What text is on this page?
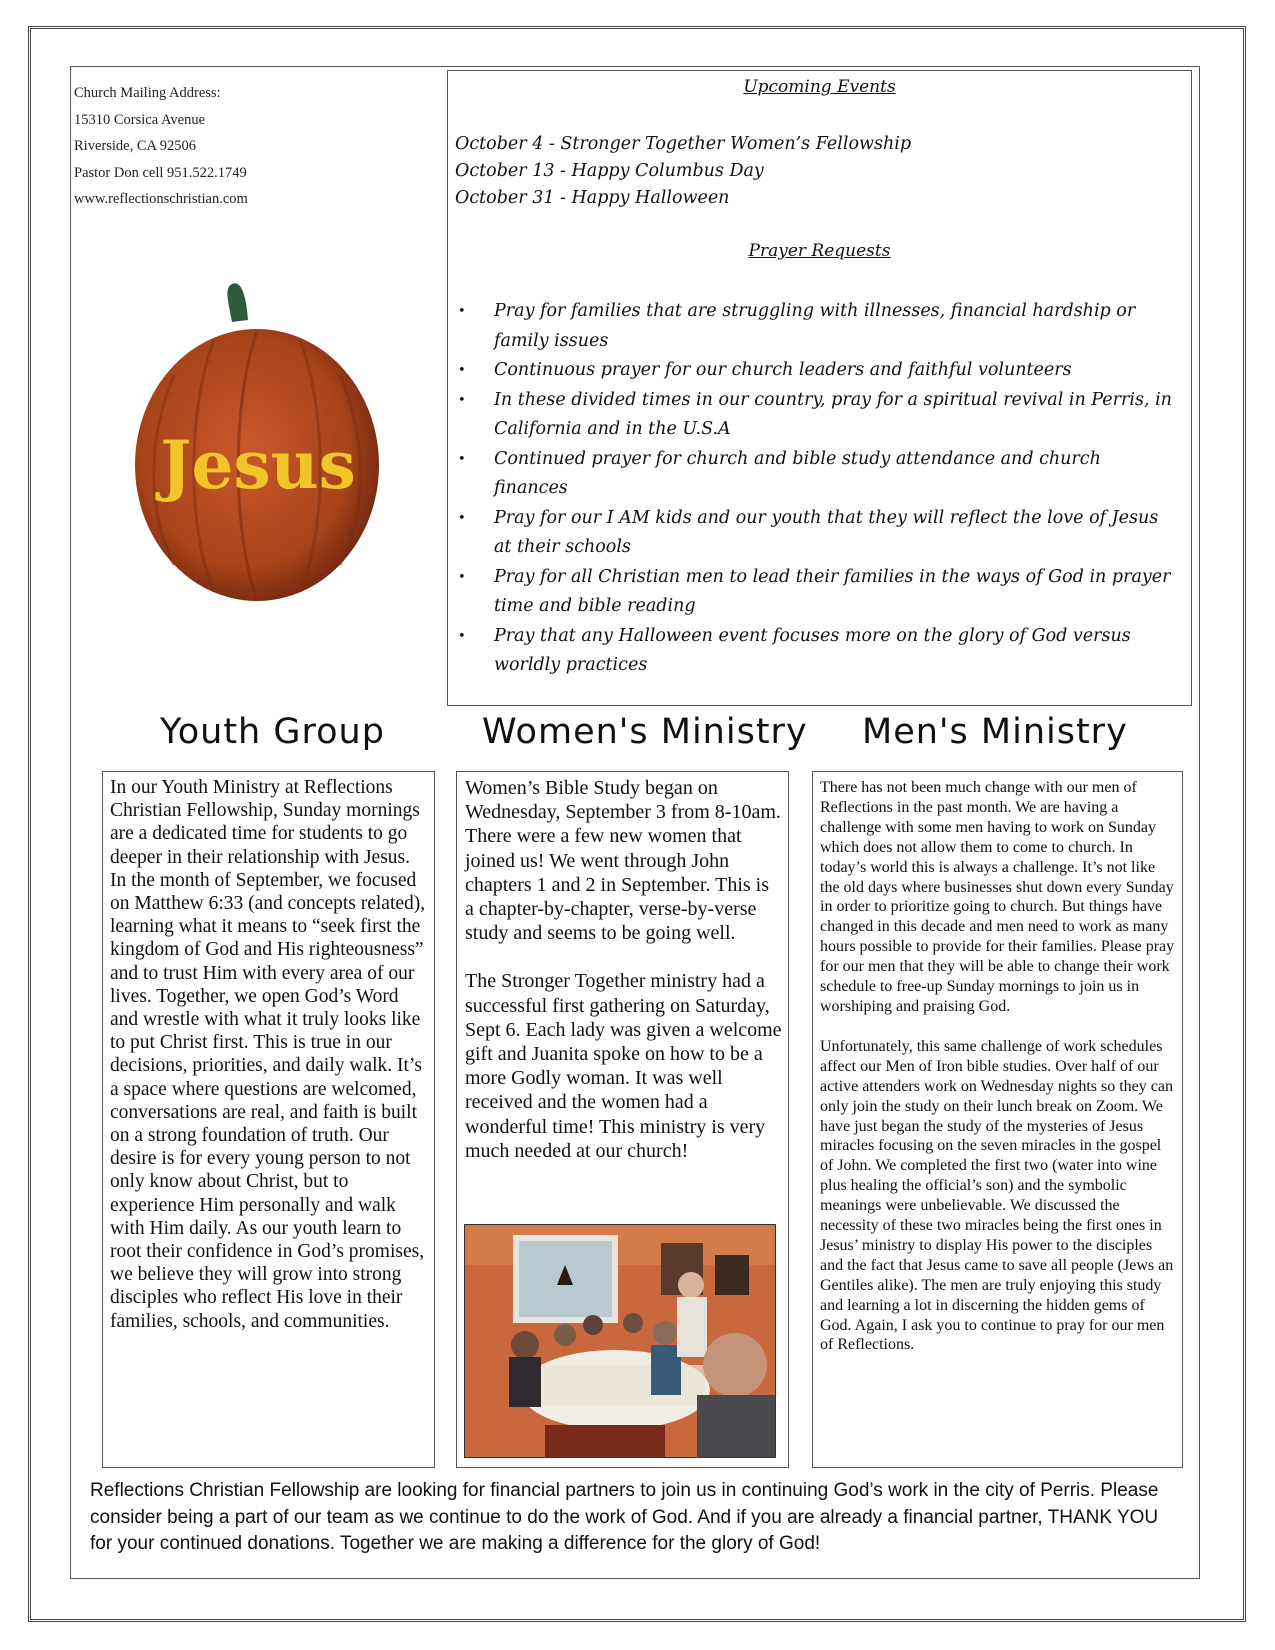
Church Mailing Address:
15310 Corsica Avenue
Riverside, CA 92506
Pastor Don cell 951.522.1749
www.reflectionschristian.com
Jesus
Upcoming Events
October 4 - Stronger Together Women’s Fellowship
October 13 - Happy Columbus Day
October 31 - Happy Halloween
Prayer Requests
• Pray for families that are struggling with illnesses, financial hardship or family issues
• Continuous prayer for our church leaders and faithful volunteers
• In these divided times in our country, pray for a spiritual revival in Perris, in California and in the U.S.A
• Continued prayer for church and bible study attendance and church finances
• Pray for our I AM kids and our youth that they will reflect the love of Jesus at their schools
• Pray for all Christian men to lead their families in the ways of God in prayer time and bible reading
• Pray that any Halloween event focuses more on the glory of God versus worldly practices
Youth Group	Women's Ministry Men's Ministry

In our Youth Ministry at Reflections Christian Fellowship, Sunday mornings are a dedicated time for students to go deeper in their relationship with Jesus. In the month of September, we focused on Matthew 6:33 (and concepts related), learning what it means to “seek first the kingdom of God and His righteousness” and to trust Him with every area of our lives. Together, we open God’s Word and wrestle with what it truly looks like to put Christ first. This is true in our decisions, priorities, and daily walk. It’s a space where questions are welcomed, conversations are real, and faith is built on a strong foundation of truth. Our desire is for every young person to not only know about Christ, but to experience Him personally and walk with Him daily. As our youth learn to root their confidence in God’s promises, we believe they will grow into strong disciples who reflect His love in their families, schools, and communities.

Women’s Bible Study began on Wednesday, September 3 from 8-10am. There were a few new women that joined us! We went through John chapters 1 and 2 in September. This is a chapter-by-chapter, verse-by-verse study and seems to be going well.

The Stronger Together ministry had a successful first gathering on Saturday, Sept 6. Each lady was given a welcome gift and Juanita spoke on how to be a more Godly woman. It was well received and the women had a wonderful time! This ministry is very much needed at our church!

There has not been much change with our men of Reflections in the past month. We are having a challenge with some men having to work on Sunday which does not allow them to come to church. In today’s world this is always a challenge. It’s not like the old days where businesses shut down every Sunday in order to prioritize going to church. But things have changed in this decade and men need to work as many hours possible to provide for their families. Please pray for our men that they will be able to change their work schedule to free-up Sunday mornings to join us in worshiping and praising God.

Unfortunately, this same challenge of work schedules affect our Men of Iron bible studies. Over half of our active attenders work on Wednesday nights so they can only join the study on their lunch break on Zoom. We have just began the study of the mysteries of Jesus miracles focusing on the seven miracles in the gospel of John. We completed the first two (water into wine plus healing the official’s son) and the symbolic meanings were unbelievable. We discussed the necessity of these two miracles being the first ones in Jesus’ ministry to display His power to the disciples and the fact that Jesus came to save all people (Jews an Gentiles alike). The men are truly enjoying this study and learning a lot in discerning the hidden gems of God. Again, I ask you to continue to pray for our men of Reflections.

Reflections Christian Fellowship are looking for financial partners to join us in continuing God’s work in the city of Perris. Please consider being a part of our team as we continue to do the work of God. And if you are already a financial partner, THANK YOU for your continued donations. Together we are making a difference for the glory of God!
